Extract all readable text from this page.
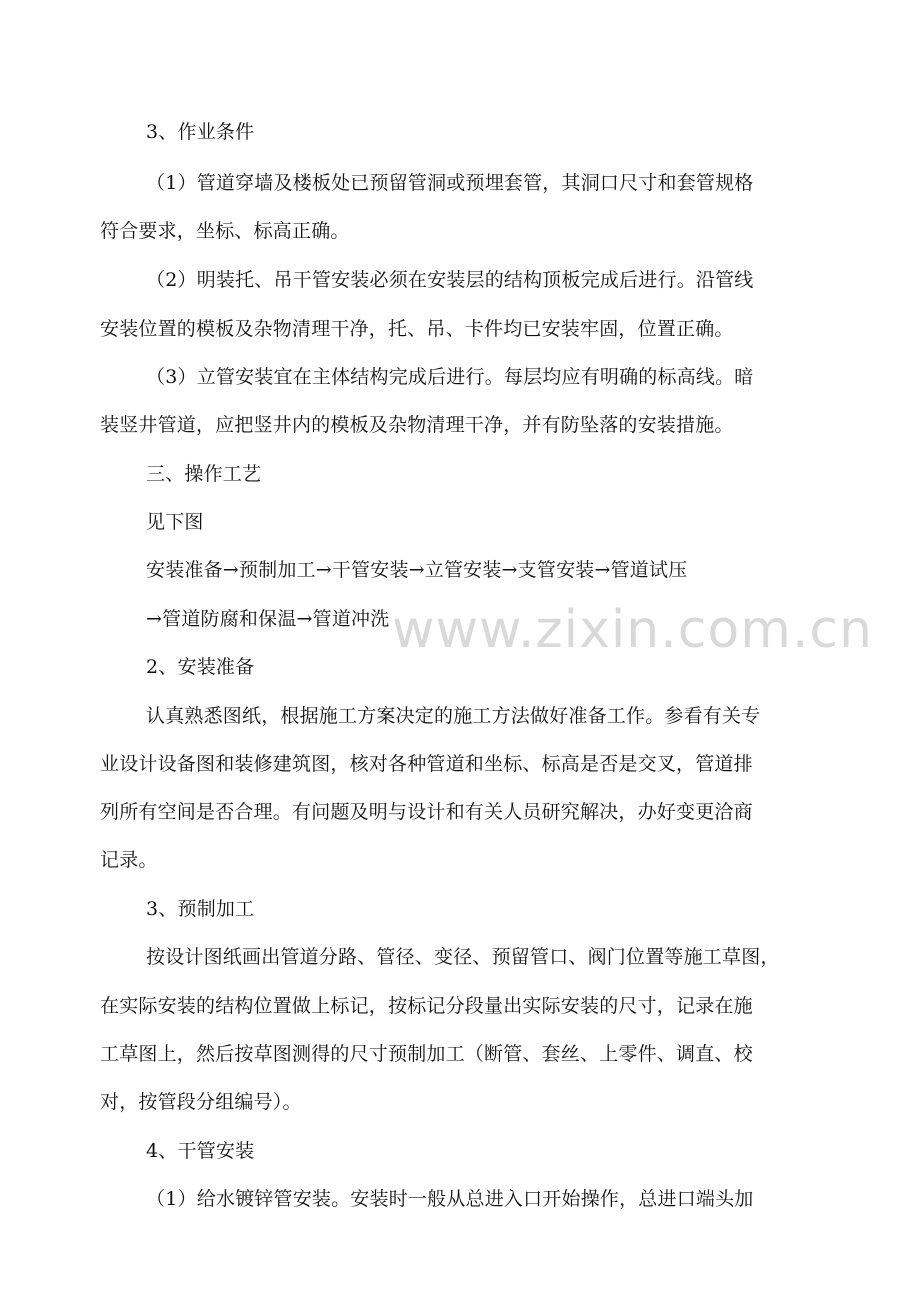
www.zixin.com.cn
3、作业条件
（1）管道穿墙及楼板处已预留管洞或预埋套管，其洞口尺寸和套管规格
符合要求，坐标、标高正确。
（2）明装托、吊干管安装必须在安装层的结构顶板完成后进行。沿管线
安装位置的模板及杂物清理干净，托、吊、卡件均已安装牢固，位置正确。
（3）立管安装宜在主体结构完成后进行。每层均应有明确的标高线。暗
装竖井管道，应把竖井内的模板及杂物清理干净，并有防坠落的安装措施。
三、操作工艺
见下图
安装准备→预制加工→干管安装→立管安装→支管安装→管道试压
→管道防腐和保温→管道冲洗
2、安装准备
认真熟悉图纸，根据施工方案决定的施工方法做好准备工作。参看有关专
业设计设备图和装修建筑图，核对各种管道和坐标、标高是否是交叉，管道排
列所有空间是否合理。有问题及明与设计和有关人员研究解决，办好变更洽商
记录。
3、预制加工
按设计图纸画出管道分路、管径、变径、预留管口、阀门位置等施工草图，
在实际安装的结构位置做上标记，按标记分段量出实际安装的尺寸，记录在施
工草图上，然后按草图测得的尺寸预制加工（断管、套丝、上零件、调直、校
对，按管段分组编号）。
4、干管安装
（1）给水镀锌管安装。安装时一般从总进入口开始操作，总进口端头加
